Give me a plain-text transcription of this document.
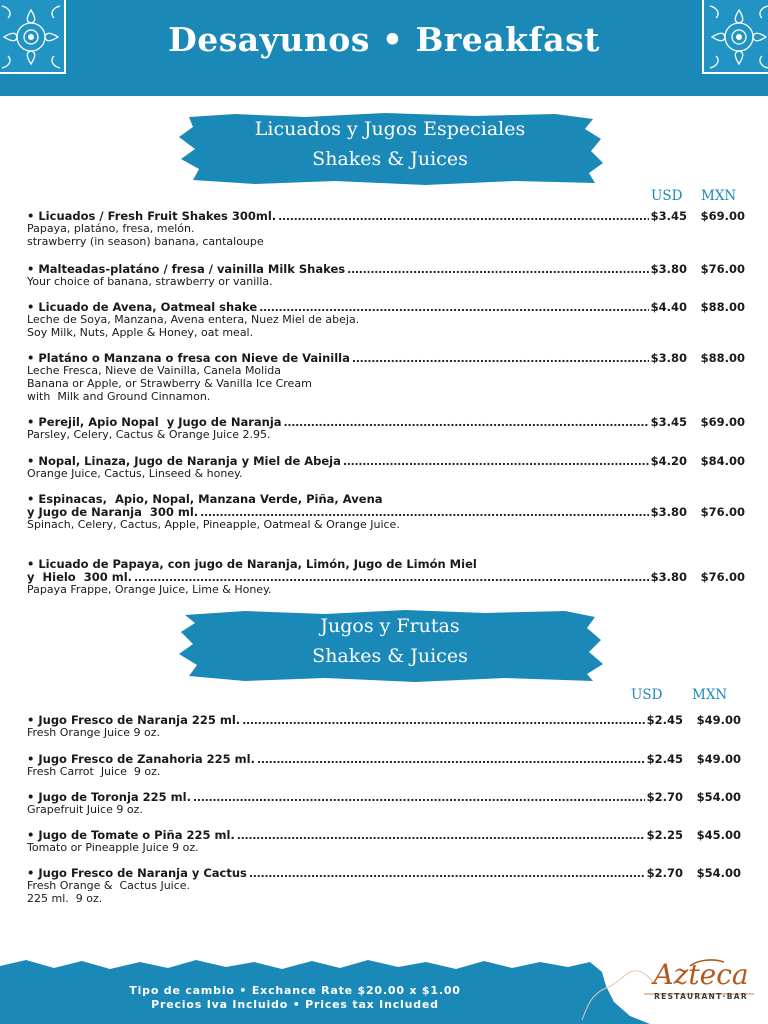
Desayunos • Breakfast
Licuados y Jugos Especiales
Shakes & Juices
USD MXN
• Licuados / Fresh Fruit Shakes 300ml. .....	$3.45 $69.00
Papaya, platáno, fresa, melón.
strawberry (in season) banana, cantaloupe
• Malteadas-platáno / fresa / vainilla Milk Shakes .....	$3.80 $76.00
Your choice of banana, strawberry or vanilla.
• Licuado de Avena, Oatmeal shake .....	$4.40 $88.00
Leche de Soya, Manzana, Avena entera, Nuez Miel de abeja.
Soy Milk, Nuts, Apple & Honey, oat meal.
• Platáno o Manzana o fresa con Nieve de Vainilla .....	$3.80 $88.00
Leche Fresca, Nieve de Vainilla, Canela Molida
Banana or Apple, or Strawberry & Vanilla Ice Cream
with  Milk and Ground Cinnamon.
• Perejil, Apio Nopal  y Jugo de Naranja .....	$3.45 $69.00
Parsley, Celery, Cactus & Orange Juice 2.95.
• Nopal, Linaza, Jugo de Naranja y Miel de Abeja .....	$4.20 $84.00
Orange Juice, Cactus, Linseed & honey.
• Espinacas,  Apio, Nopal, Manzana Verde, Piña, Avena
y Jugo de Naranja  300 ml. .....	$3.80 $76.00
Spinach, Celery, Cactus, Apple, Pineapple, Oatmeal & Orange Juice.
• Licuado de Papaya, con jugo de Naranja, Limón, Jugo de Limón Miel
y  Hielo  300 ml. .....	$3.80 $76.00
Papaya Frappe, Orange Juice, Lime & Honey.
Jugos y Frutas
Shakes & Juices
USD MXN
• Jugo Fresco de Naranja 225 ml. .....	$2.45 $49.00
Fresh Orange Juice 9 oz.
• Jugo Fresco de Zanahoria 225 ml. .....	$2.45 $49.00
Fresh Carrot  Juice  9 oz.
• Jugo de Toronja 225 ml. .....	$2.70 $54.00
Grapefruit Juice 9 oz.
• Jugo de Tomate o Piña 225 ml. .....	$2.25 $45.00
Tomato or Pineapple Juice 9 oz.
• Jugo Fresco de Naranja y Cactus .....	$2.70 $54.00
Fresh Orange &  Cactus Juice.
225 ml.  9 oz.
Tipo de cambio • Exchance Rate $20.00 x $1.00
Precios Iva Incluido • Prices tax Included
Azteca
RESTAURANT·BAR
